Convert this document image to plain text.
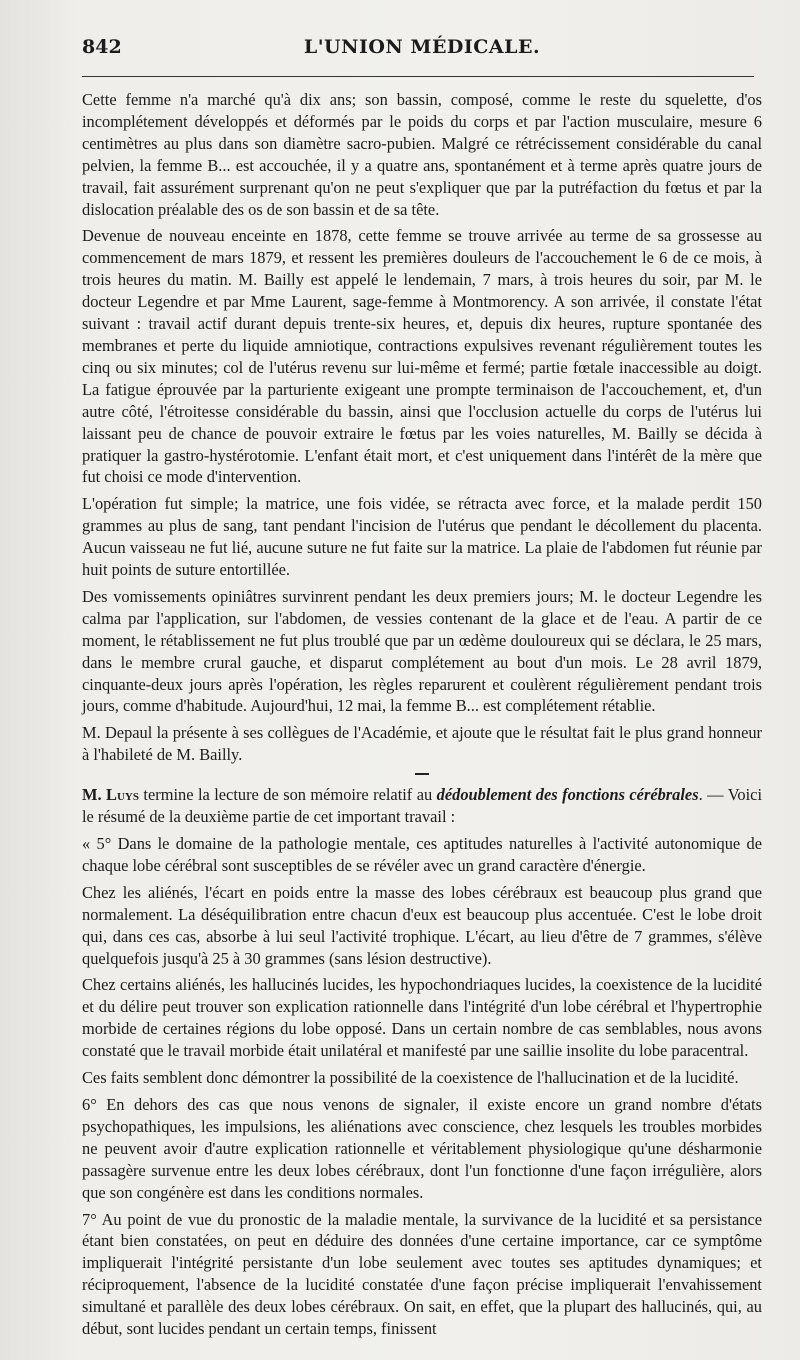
842	L'UNION MÉDICALE.

Cette femme n'a marché qu'à dix ans; son bassin, composé, comme le reste du squelette, d'os incomplétement développés et déformés par le poids du corps et par l'action musculaire, mesure 6 centimètres au plus dans son diamètre sacro-pubien. Malgré ce rétrécissement considérable du canal pelvien, la femme B... est accouchée, il y a quatre ans, spontanément et à terme après quatre jours de travail, fait assurément surprenant qu'on ne peut s'expliquer que par la putréfaction du fœtus et par la dislocation préalable des os de son bassin et de sa tête.

Devenue de nouveau enceinte en 1878, cette femme se trouve arrivée au terme de sa grossesse au commencement de mars 1879, et ressent les premières douleurs de l'accouchement le 6 de ce mois, à trois heures du matin. M. Bailly est appelé le lendemain, 7 mars, à trois heures du soir, par M. le docteur Legendre et par Mme Laurent, sage-femme à Montmorency. A son arrivée, il constate l'état suivant : travail actif durant depuis trente-six heures, et, depuis dix heures, rupture spontanée des membranes et perte du liquide amniotique, contractions expulsives revenant régulièrement toutes les cinq ou six minutes; col de l'utérus revenu sur lui-même et fermé; partie fœtale inaccessible au doigt. La fatigue éprouvée par la parturiente exigeant une prompte terminaison de l'accouchement, et, d'un autre côté, l'étroitesse considérable du bassin, ainsi que l'occlusion actuelle du corps de l'utérus lui laissant peu de chance de pouvoir extraire le fœtus par les voies naturelles, M. Bailly se décida à pratiquer la gastro-hystérotomie. L'enfant était mort, et c'est uniquement dans l'intérêt de la mère que fut choisi ce mode d'intervention.

L'opération fut simple; la matrice, une fois vidée, se rétracta avec force, et la malade perdit 150 grammes au plus de sang, tant pendant l'incision de l'utérus que pendant le décollement du placenta. Aucun vaisseau ne fut lié, aucune suture ne fut faite sur la matrice. La plaie de l'abdomen fut réunie par huit points de suture entortillée.

Des vomissements opiniâtres survinrent pendant les deux premiers jours; M. le docteur Legendre les calma par l'application, sur l'abdomen, de vessies contenant de la glace et de l'eau. A partir de ce moment, le rétablissement ne fut plus troublé que par un œdème douloureux qui se déclara, le 25 mars, dans le membre crural gauche, et disparut complétement au bout d'un mois. Le 28 avril 1879, cinquante-deux jours après l'opération, les règles reparurent et coulèrent régulièrement pendant trois jours, comme d'habitude. Aujourd'hui, 12 mai, la femme B... est complétement rétablie.

M. Depaul la présente à ses collègues de l'Académie, et ajoute que le résultat fait le plus grand honneur à l'habileté de M. Bailly.

M. Luys termine la lecture de son mémoire relatif au dédoublement des fonctions cérébrales. — Voici le résumé de la deuxième partie de cet important travail :

« 5° Dans le domaine de la pathologie mentale, ces aptitudes naturelles à l'activité autonomique de chaque lobe cérébral sont susceptibles de se révéler avec un grand caractère d'énergie.

Chez les aliénés, l'écart en poids entre la masse des lobes cérébraux est beaucoup plus grand que normalement. La déséquilibration entre chacun d'eux est beaucoup plus accentuée. C'est le lobe droit qui, dans ces cas, absorbe à lui seul l'activité trophique. L'écart, au lieu d'être de 7 grammes, s'élève quelquefois jusqu'à 25 à 30 grammes (sans lésion destructive).

Chez certains aliénés, les hallucinés lucides, les hypochondriaques lucides, la coexistence de la lucidité et du délire peut trouver son explication rationnelle dans l'intégrité d'un lobe cérébral et l'hypertrophie morbide de certaines régions du lobe opposé. Dans un certain nombre de cas semblables, nous avons constaté que le travail morbide était unilatéral et manifesté par une saillie insolite du lobe paracentral.

Ces faits semblent donc démontrer la possibilité de la coexistence de l'hallucination et de la lucidité.

6° En dehors des cas que nous venons de signaler, il existe encore un grand nombre d'états psychopathiques, les impulsions, les aliénations avec conscience, chez lesquels les troubles morbides ne peuvent avoir d'autre explication rationnelle et véritablement physiologique qu'une désharmonie passagère survenue entre les deux lobes cérébraux, dont l'un fonctionne d'une façon irrégulière, alors que son congénère est dans les conditions normales.

7° Au point de vue du pronostic de la maladie mentale, la survivance de la lucidité et sa persistance étant bien constatées, on peut en déduire des données d'une certaine importance, car ce symptôme impliquerait l'intégrité persistante d'un lobe seulement avec toutes ses aptitudes dynamiques; et réciproquement, l'absence de la lucidité constatée d'une façon précise impliquerait l'envahissement simultané et parallèle des deux lobes cérébraux. On sait, en effet, que la plupart des hallucinés, qui, au début, sont lucides pendant un certain temps, finissent
